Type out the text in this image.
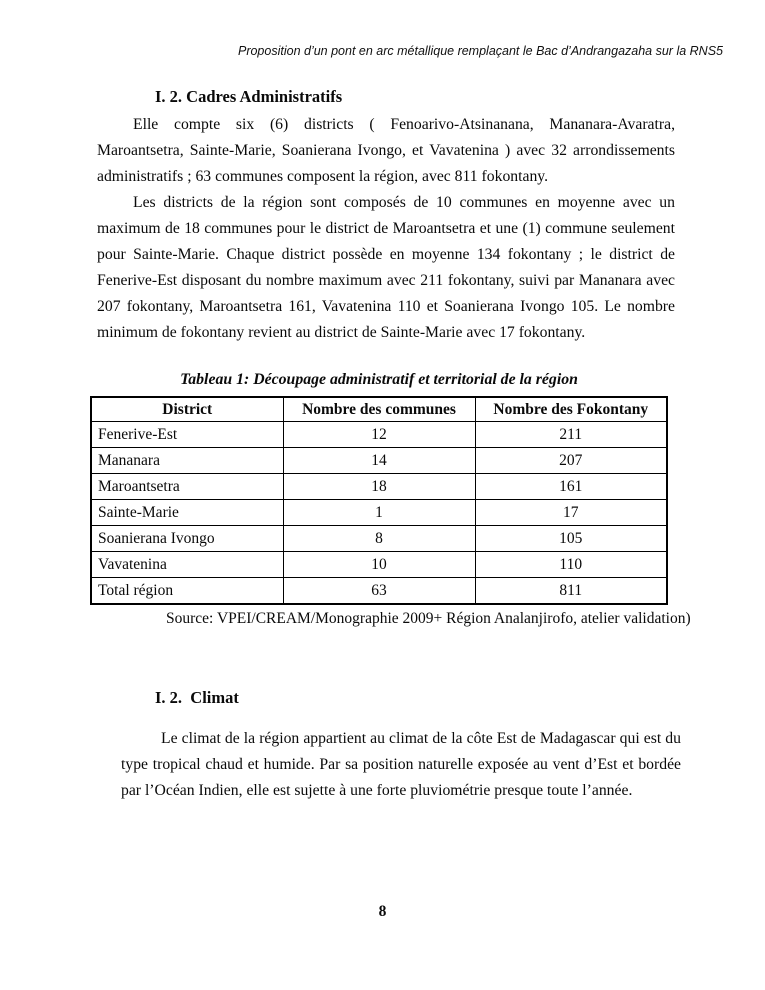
Proposition d’un pont en arc métallique remplaçant le Bac d’Andrangazaha sur la RNS5
I. 2. Cadres Administratifs

Elle compte six (6) districts ( Fenoarivo-Atsinanana, Mananara-Avaratra, Maroantsetra, Sainte-Marie, Soanierana Ivongo, et Vavatenina ) avec 32 arrondissements administratifs ; 63 communes composent la région, avec 811 fokontany.

Les districts de la région sont composés de 10 communes en moyenne avec un maximum de 18 communes pour le district de Maroantsetra et une (1) commune seulement pour Sainte-Marie. Chaque district possède en moyenne 134 fokontany ; le district de Fenerive-Est disposant du nombre maximum avec 211 fokontany, suivi par Mananara avec 207 fokontany, Maroantsetra 161, Vavatenina 110 et Soanierana Ivongo 105. Le nombre minimum de fokontany revient au district de Sainte-Marie avec 17 fokontany.

Tableau 1: Découpage administratif et territorial de la région
District	Nombre des communes	Nombre des Fokontany
Fenerive-Est	12	211
Mananara	14	207
Maroantsetra	18	161
Sainte-Marie	1	17
Soanierana Ivongo	8	105
Vavatenina	10	110
Total région	63	811
Source: VPEI/CREAM/Monographie 2009+ Région Analanjirofo, atelier validation)
I. 2.  Climat

Le climat de la région appartient au climat de la côte Est de Madagascar qui est du type tropical chaud et humide. Par sa position naturelle exposée au vent d’Est et bordée par l’Océan Indien, elle est sujette à une forte pluviométrie presque toute l’année.

8
